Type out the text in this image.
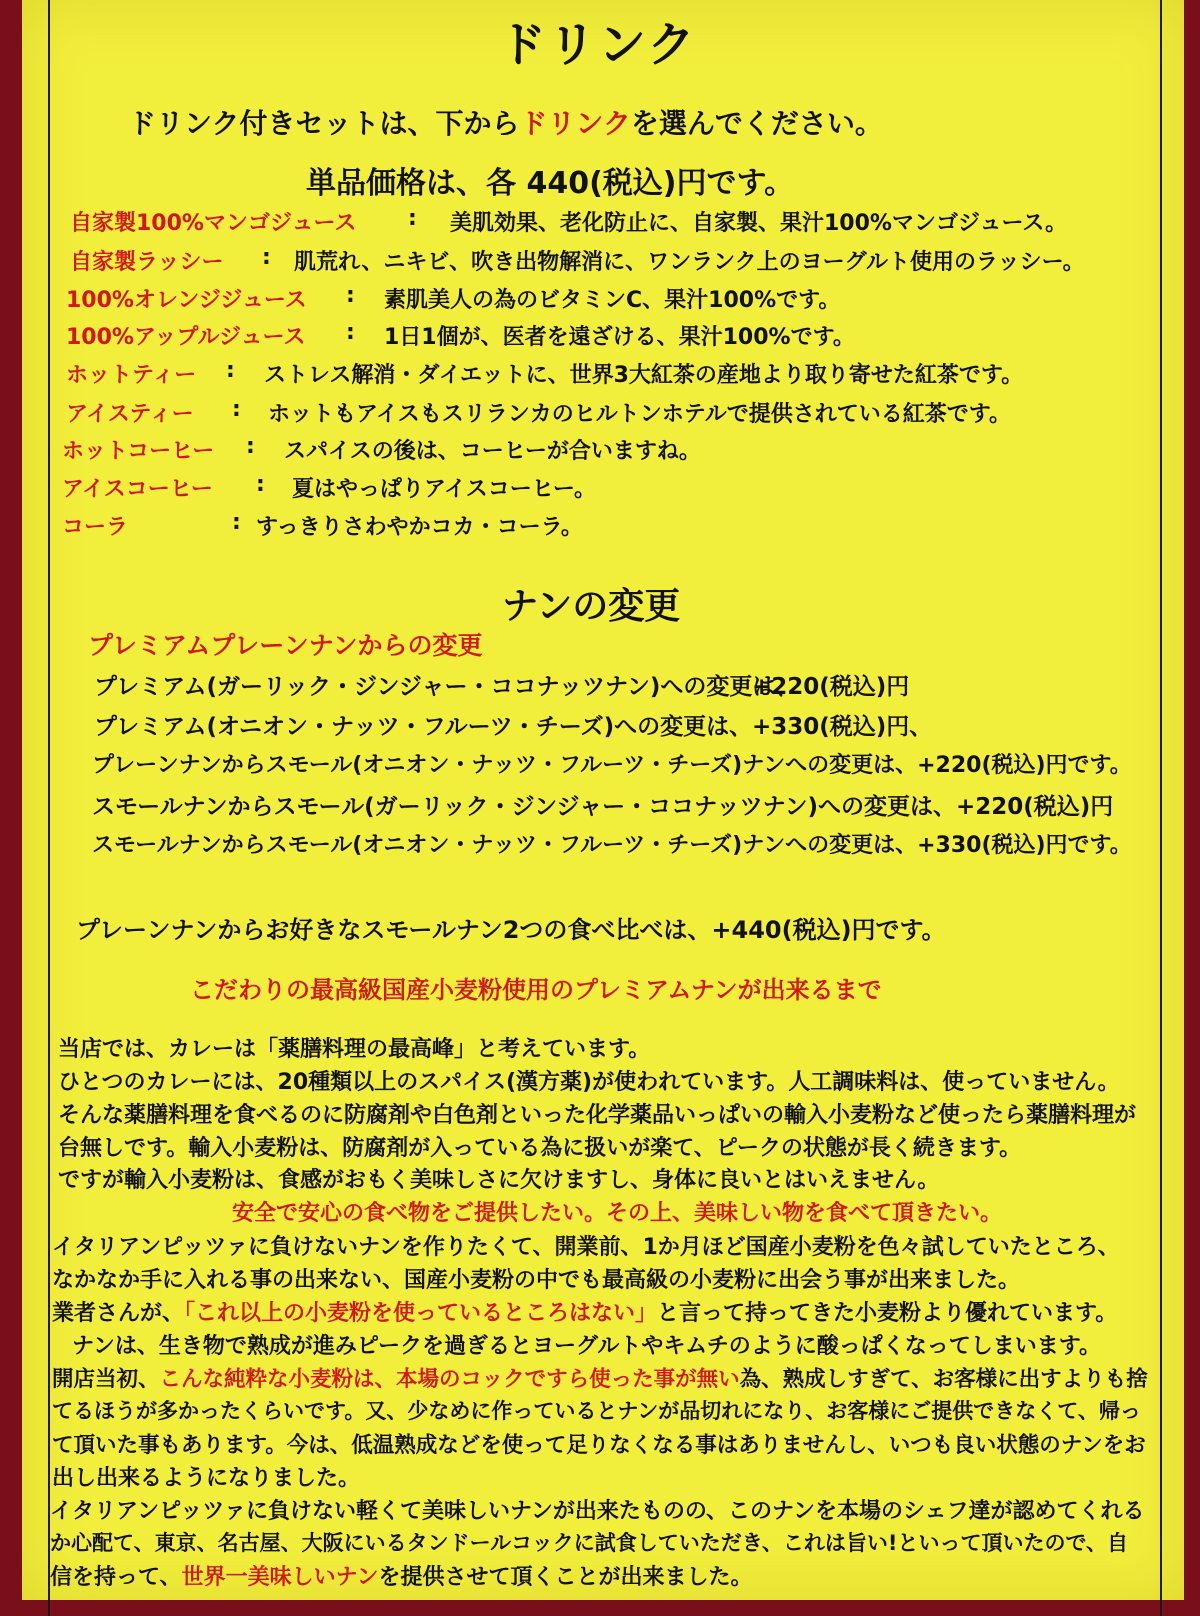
ドリンク
ドリンク付きセットは、下からドリンクを選んでください。
単品価格は、各 440(税込)円です。
自家製100%マンゴジュース : 美肌効果、老化防止に、自家製、果汁100%マンゴジュース。
自家製ラッシー : 肌荒れ、ニキビ、吹き出物解消に、ワンランク上のヨーグルト使用のラッシー。
100%オレンジジュース : 素肌美人の為のビタミンC、果汁100%です。
100%アップルジュース : 1日1個が、医者を遠ざける、果汁100%です。
ホットティー : ストレス解消・ダイエットに、世界3大紅茶の産地より取り寄せた紅茶です。
アイスティー : ホットもアイスもスリランカのヒルトンホテルで提供されている紅茶です。
ホットコーヒー : スパイスの後は、コーヒーが合いますね。
アイスコーヒー : 夏はやっぱりアイスコーヒー。
コーラ	: すっきりさわやかコカ・コーラ。
ナンの変更
プレミアムプレーンナンからの変更
プレミアム(ガーリック・ジンジャー・ココナッツナン)への変更は、
+220(税込)円
プレミアム(オニオン・ナッツ・フルーツ・チーズ)への変更は、 +330(税込)円、
プレーンナンからスモール(オニオン・ナッツ・フルーツ・チーズ)ナンへの変更は、+220(税込)円です。
スモールナンからスモール(ガーリック・ジンジャー・ココナッツナン)への変更は、+220(税込)円
スモールナンからスモール(オニオン・ナッツ・フルーツ・チーズ)ナンへの変更は、+330(税込)円です。
プレーンナンからお好きなスモールナン2つの食べ比べは、+440(税込)円です。
こだわりの最高級国産小麦粉使用のプレミアムナンが出来るまで
当店では、カレーは「薬膳料理の最高峰」と考えています。
ひとつのカレーには、20種類以上のスパイス(漢方薬)が使われています。人工調味料は、使っていません。
そんな薬膳料理を食べるのに防腐剤や白色剤といった化学薬品いっぱいの輸入小麦粉など使ったら薬膳料理が
台無しです。輸入小麦粉は、防腐剤が入っている為に扱いが楽て、ピークの状態が長く続きます。
ですが輸入小麦粉は、食感がおもく美味しさに欠けますし、身体に良いとはいえません。
安全で安心の食べ物をご提供したい。その上、美味しい物を食べて頂きたい。
イタリアンピッツァに負けないナンを作りたくて、開業前、1か月ほど国産小麦粉を色々試していたところ、
なかなか手に入れる事の出来ない、国産小麦粉の中でも最高級の小麦粉に出会う事が出来ました。
業者さんが、「これ以上の小麦粉を使っているところはない」と言って持ってきた小麦粉より優れています。
ナンは、生き物で熟成が進みピークを過ぎるとヨーグルトやキムチのように酸っぱくなってしまいます。
開店当初、こんな純粋な小麦粉は、本場のコックですら使った事が無い為、熟成しすぎて、お客様に出すよりも捨
てるほうが多かったくらいです。又、少なめに作っているとナンが品切れになり、お客様にご提供できなくて、帰っ
て頂いた事もあります。今は、低温熟成などを使って足りなくなる事はありませんし、いつも良い状態のナンをお
出し出来るようになりました。
イタリアンピッツァに負けない軽くて美味しいナンが出来たものの、このナンを本場のシェフ達が認めてくれる
か心配て、東京、名古屋、大阪にいるタンドールコックに試食していただき、これは旨い!といって頂いたので、自
信を持って、世界一美味しいナンを提供させて頂くことが出来ました。
